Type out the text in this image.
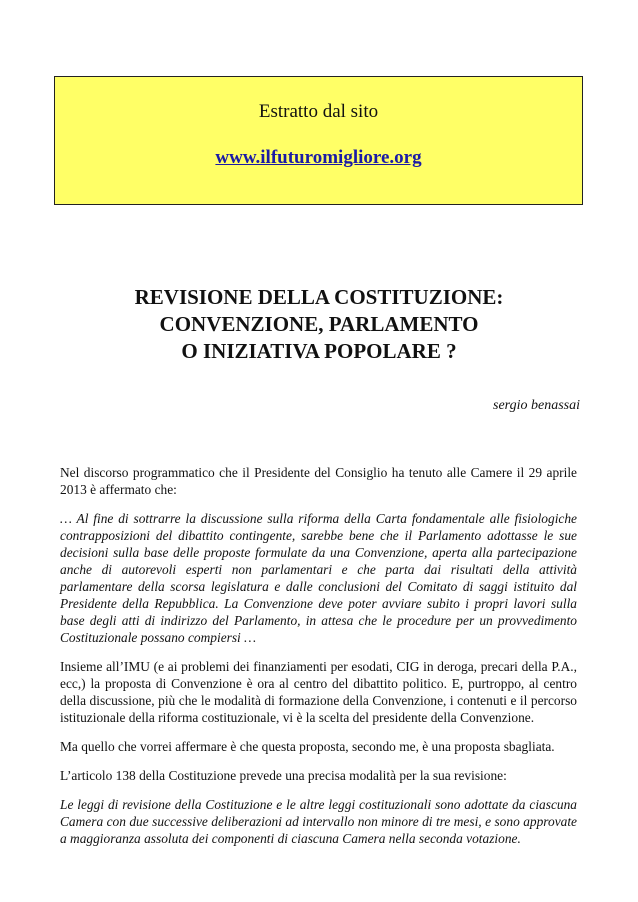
Estratto dal sito
www.ilfuturomigliore.org
REVISIONE DELLA COSTITUZIONE:
CONVENZIONE, PARLAMENTO
O INIZIATIVA POPOLARE ?
sergio benassai

Nel discorso programmatico che il Presidente del Consiglio ha tenuto alle Camere il 29 aprile 2013 è affermato che:

… Al fine di sottrarre la discussione sulla riforma della Carta fondamentale alle fisiologiche contrapposizioni del dibattito contingente, sarebbe bene che il Parlamento adottasse le sue decisioni sulla base delle proposte formulate da una Convenzione, aperta alla partecipazione anche di autorevoli esperti non parlamentari e che parta dai risultati della attività parlamentare della scorsa legislatura e dalle conclusioni del Comitato di saggi istituito dal Presidente della Repubblica. La Convenzione deve poter avviare subito i propri lavori sulla base degli atti di indirizzo del Parlamento, in attesa che le procedure per un provvedimento Costituzionale possano compiersi …

Insieme all’IMU (e ai problemi dei finanziamenti per esodati, CIG in deroga, precari della P.A., ecc,) la proposta di Convenzione è ora al centro del dibattito politico. E, purtroppo, al centro della discussione, più che le modalità di formazione della Convenzione, i contenuti e il percorso istituzionale della riforma costituzionale, vi è la scelta del presidente della Convenzione.

Ma quello che vorrei affermare è che questa proposta, secondo me, è una proposta sbagliata.

L’articolo 138 della Costituzione prevede una precisa modalità per la sua revisione:

Le leggi di revisione della Costituzione e le altre leggi costituzionali sono adottate da ciascuna Camera con due successive deliberazioni ad intervallo non minore di tre mesi, e sono approvate a maggioranza assoluta dei componenti di ciascuna Camera nella seconda votazione.
